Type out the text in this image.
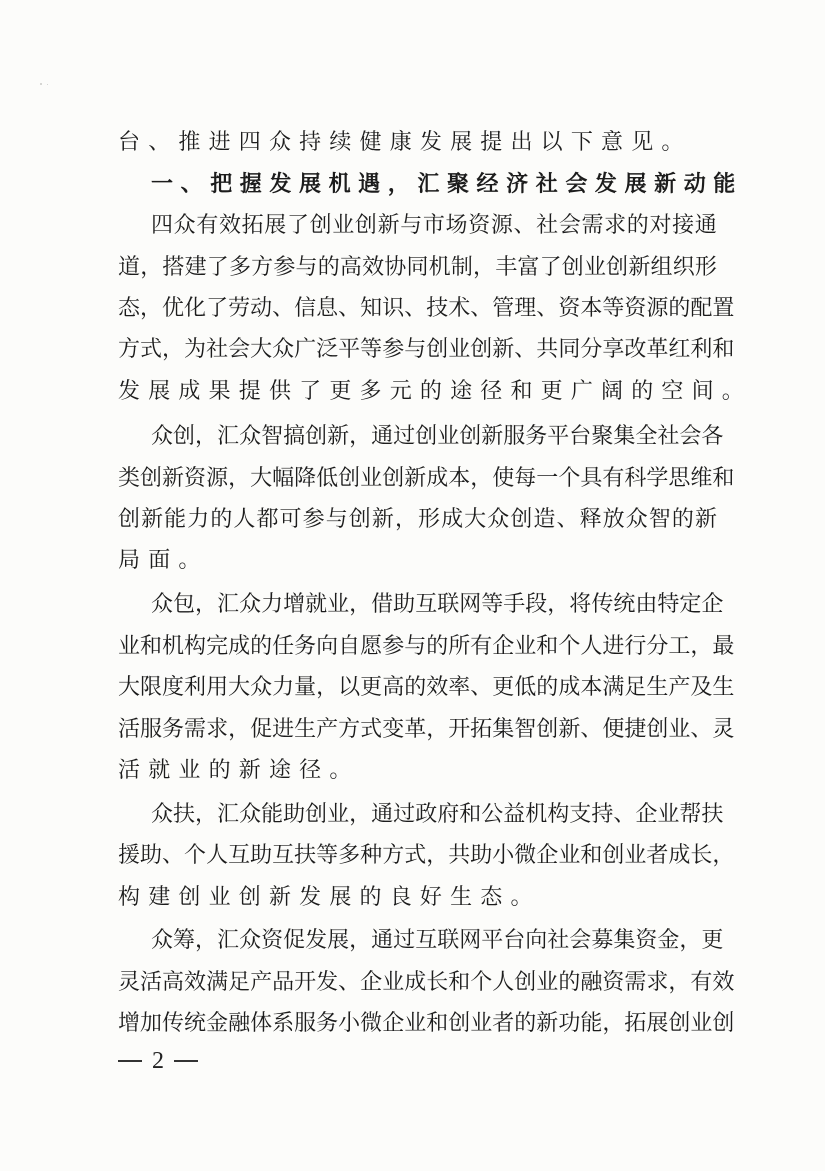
台 、 推 进 四 众 持 续 健 康 发 展 提 出 以 下 意 见 。
一 、 把 握 发 展 机 遇 ， 汇 聚 经 济 社 会 发 展 新 动 能
四 众 有 效 拓 展 了 创 业 创 新 与 市 场 资 源 、 社 会 需 求 的 对 接 通
道 ， 搭 建 了 多 方 参 与 的 高 效 协 同 机 制 ， 丰 富 了 创 业 创 新 组 织 形
态 ， 优 化 了 劳 动 、 信 息 、 知 识 、 技 术 、 管 理 、 资 本 等 资 源 的 配 置
方 式 ， 为 社 会 大 众 广 泛 平 等 参 与 创 业 创 新 、 共 同 分 享 改 革 红 利 和
发 展 成 果 提 供 了 更 多 元 的 途 径 和 更 广 阔 的 空 间 。
众 创 ， 汇 众 智 搞 创 新 ， 通 过 创 业 创 新 服 务 平 台 聚 集 全 社 会 各
类 创 新 资 源 ， 大 幅 降 低 创 业 创 新 成 本 ， 使 每 一 个 具 有 科 学 思 维 和
创 新 能 力 的 人 都 可 参 与 创 新 ， 形 成 大 众 创 造 、 释 放 众 智 的 新
局 面 。
众 包 ， 汇 众 力 增 就 业 ， 借 助 互 联 网 等 手 段 ， 将 传 统 由 特 定 企
业 和 机 构 完 成 的 任 务 向 自 愿 参 与 的 所 有 企 业 和 个 人 进 行 分 工 ， 最
大 限 度 利 用 大 众 力 量 ， 以 更 高 的 效 率 、 更 低 的 成 本 满 足 生 产 及 生
活 服 务 需 求 ， 促 进 生 产 方 式 变 革 ， 开 拓 集 智 创 新 、 便 捷 创 业 、 灵
活 就 业 的 新 途 径 。
众 扶 ， 汇 众 能 助 创 业 ， 通 过 政 府 和 公 益 机 构 支 持 、 企 业 帮 扶
援 助 、 个 人 互 助 互 扶 等 多 种 方 式 ， 共 助 小 微 企 业 和 创 业 者 成 长 ，
构 建 创 业 创 新 发 展 的 良 好 生 态 。
众 筹 ， 汇 众 资 促 发 展 ， 通 过 互 联 网 平 台 向 社 会 募 集 资 金 ， 更
灵 活 高 效 满 足 产 品 开 发 、 企 业 成 长 和 个 人 创 业 的 融 资 需 求 ， 有 效
增 加 传 统 金 融 体 系 服 务 小 微 企 业 和 创 业 者 的 新 功 能 ， 拓 展 创 业 创
2
